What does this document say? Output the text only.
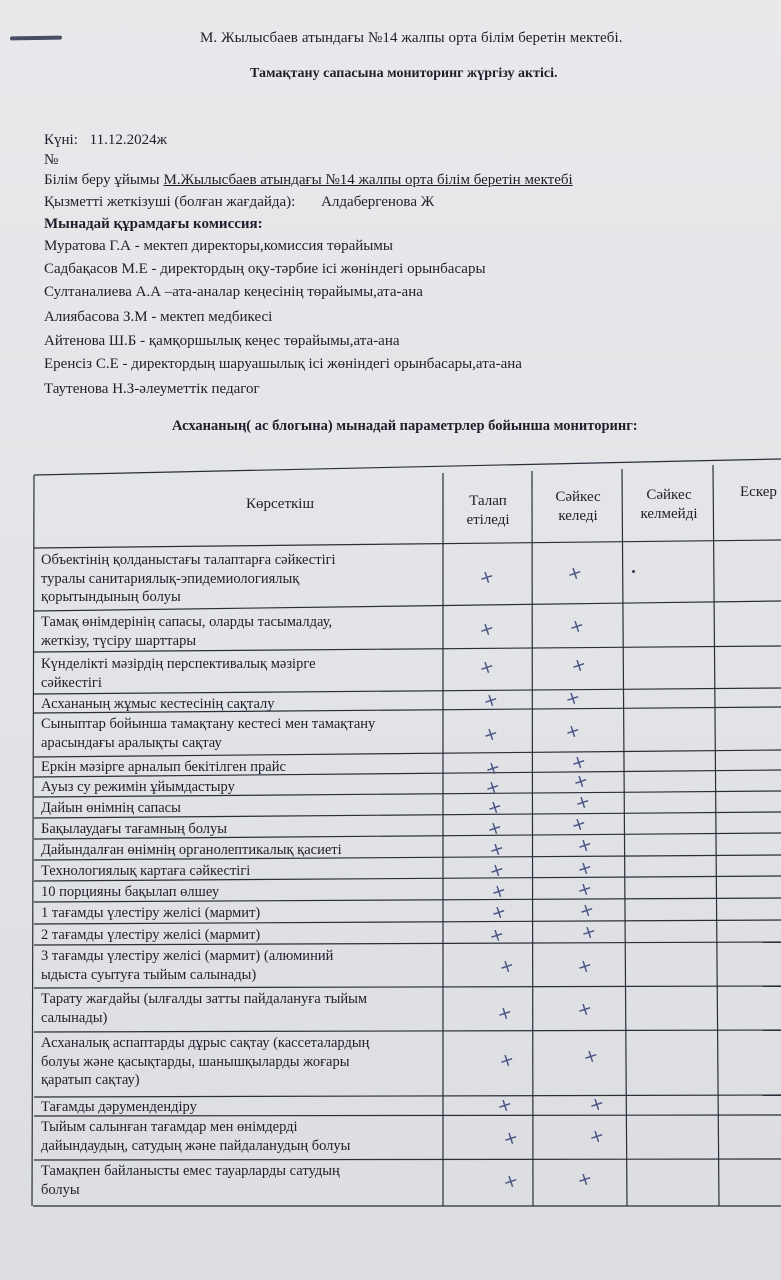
М. Жылысбаев атындағы №14 жалпы орта білім беретін мектебі.
Тамақтану сапасына мониторинг жүргізу актісі.
Күні: 11.12.2024ж
№
Білім беру ұйымы М.Жылысбаев атындағы №14 жалпы орта білім беретін мектебі
Қызметті жеткізуші (болған жағдайда): Алдабергенова Ж
Мынадай құрамдағы комиссия:
Муратова Г.А - мектеп директоры,комиссия төрайымы
Садбақасов М.Е - директордың оқу-тәрбие ісі жөніндегі орынбасары
Султаналиева А.А –ата-аналар кеңесінің төрайымы,ата-ана
Алиябасова З.М - мектеп медбикесі
Айтенова Ш.Б - қамқоршылық кеңес төрайымы,ата-ана
Еренсіз С.Е - директордың шаруашылық ісі жөніндегі орынбасары,ата-ана
Таутенова Н.З-әлеуметтік педагог
Асхананың( ас блогына) мынадай параметрлер бойынша мониторинг:
Көрсеткіш	Талап
етіледі
Сәйкес
келеді
Сәйкес
келмейді
Ескер
Объектінің қолданыстағы талаптарға сәйкестігі
туралы санитариялық-эпидемиологиялық
қорытындының болуы
Тамақ өнімдерінің сапасы, оларды тасымалдау,
жеткізу, түсіру шарттары
Күнделікті мәзірдің перспективалық мәзірге
сәйкестігі
Асхананың жұмыс кестесінің сақталу
Сыныптар бойынша тамақтану кестесі мен тамақтану
арасындағы аралықты сақтау
Еркін мәзірге арналып бекітілген прайс
Ауыз су режимін ұйымдастыру
Дайын өнімнің сапасы
Бақылаудағы тағамның болуы
Дайындалған өнімнің органолептикалық қасиеті
Технологиялық картаға сәйкестігі
10 порцияны бақылап өлшеу
1 тағамды үлестіру желісі (мармит)
2 тағамды үлестіру желісі (мармит)
3 тағамды үлестіру желісі (мармит) (алюминий
ыдыста суытуға тыйым салынады)
Тарату жағдайы (ылғалды затты пайдалануға тыйым
салынады)
Асханалық аспаптарды дұрыс сақтау (кассеталардың
болуы және қасықтарды, шанышқыларды жоғары
қаратып сақтау)
Тағамды дәрумендендіру
Тыйым салынған тағамдар мен өнімдерді
дайындаудың, сатудың және пайдаланудың болуы
Тамақпен байланысты емес тауарларды сатудың
болуы
+
+
+
+
+
+
+
+
+
+
+
+
+
+
+
+
+
+
+
+
+
+
+
+
+
+
+
+
+
+
+
+
+
+
+
+
+
+
+
+
